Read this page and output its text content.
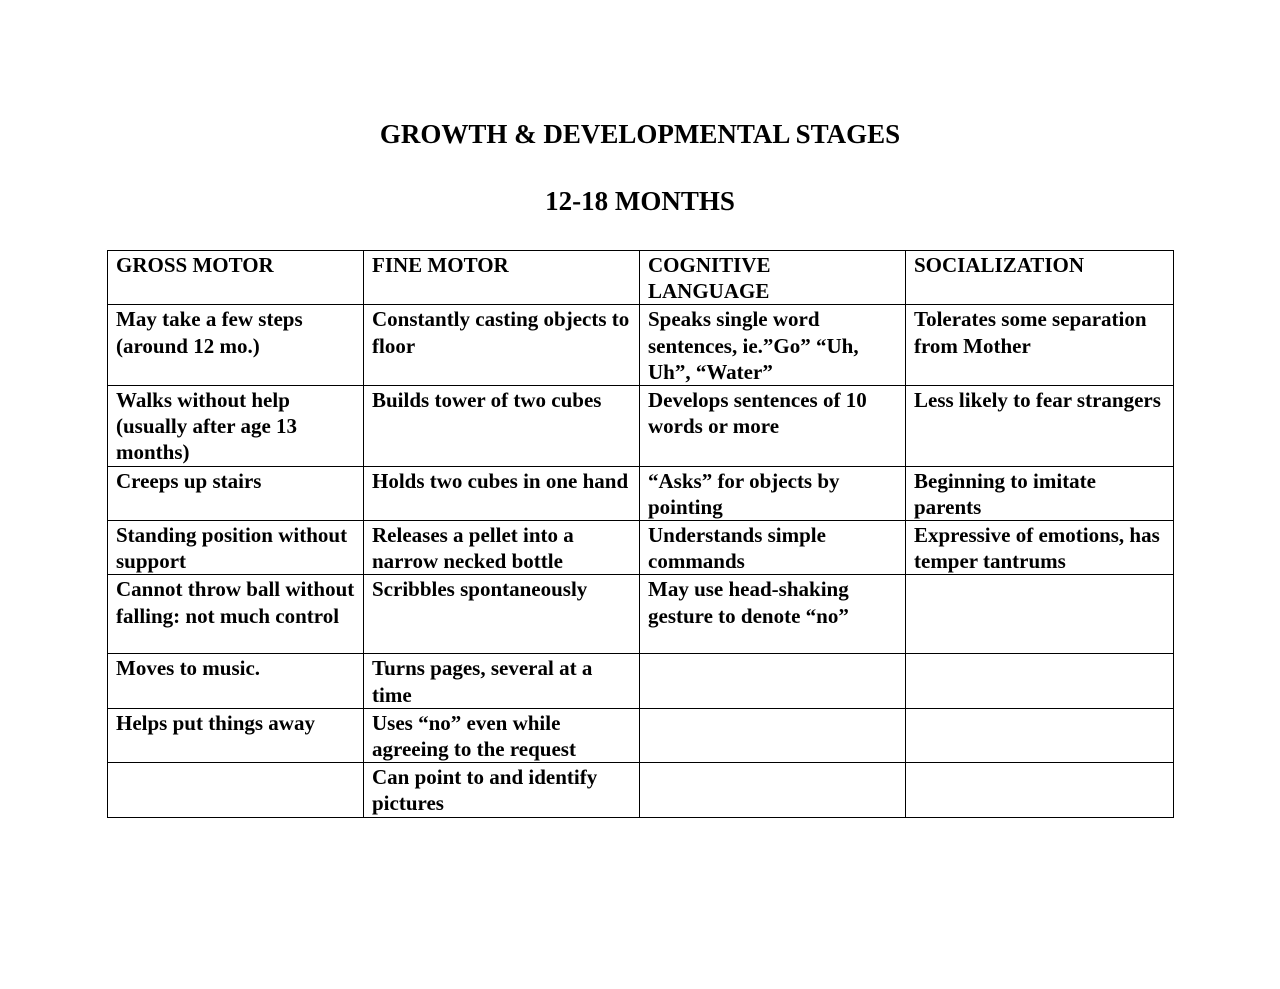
GROWTH & DEVELOPMENTAL STAGES
12-18 MONTHS
GROSS MOTOR	FINE MOTOR	COGNITIVE LANGUAGE	SOCIALIZATION
May take a few steps (around 12 mo.)	Constantly casting objects to floor	Speaks single word sentences, ie.”Go” “Uh, Uh”, “Water”	Tolerates some separation from Mother
Walks without help (usually after age 13 months)	Builds tower of two cubes	Develops sentences of 10 words or more	Less likely to fear strangers
Creeps up stairs	Holds two cubes in one hand	“Asks” for objects by pointing	Beginning to imitate parents
Standing position without support	Releases a pellet into a narrow necked bottle	Understands simple commands	Expressive of emotions, has temper tantrums
Cannot throw ball without falling: not much control	Scribbles spontaneously	May use head-shaking gesture to denote “no”	
Moves to music.	Turns pages, several at a time		
Helps put things away	Uses “no” even while agreeing to the request		
	Can point to and identify pictures		
